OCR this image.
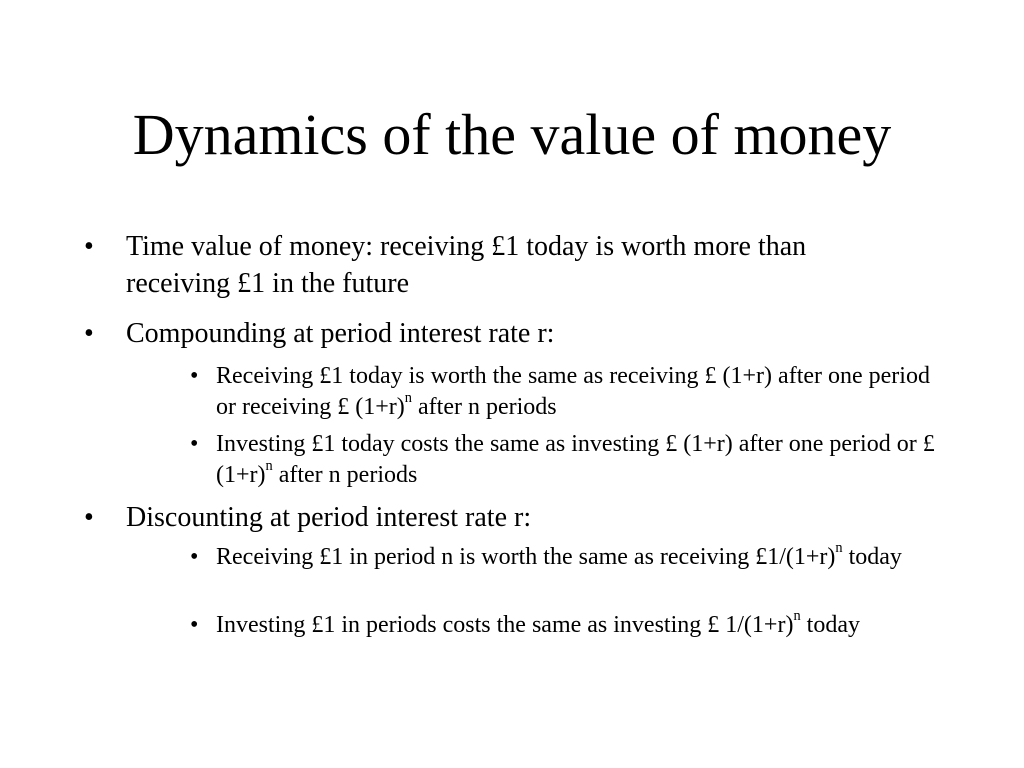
Dynamics of the value of money
•	Time value of money: receiving £1 today is worth more than receiving £1 in the future
•	Compounding at period interest rate r:
• Receiving £1 today is worth the same as receiving £ (1+r) after one period or receiving £ $(1+r)^n$ after n periods
• Investing £1 today costs the same as investing £ (1+r) after one period or £ $(1+r)^n$ after n periods
•	Discounting at period interest rate r:
• Receiving £1 in period n is worth the same as receiving $£1/(1+r)^n$ today
• Investing £1 in periods costs the same as investing £ $1/(1+r)^n$ today
